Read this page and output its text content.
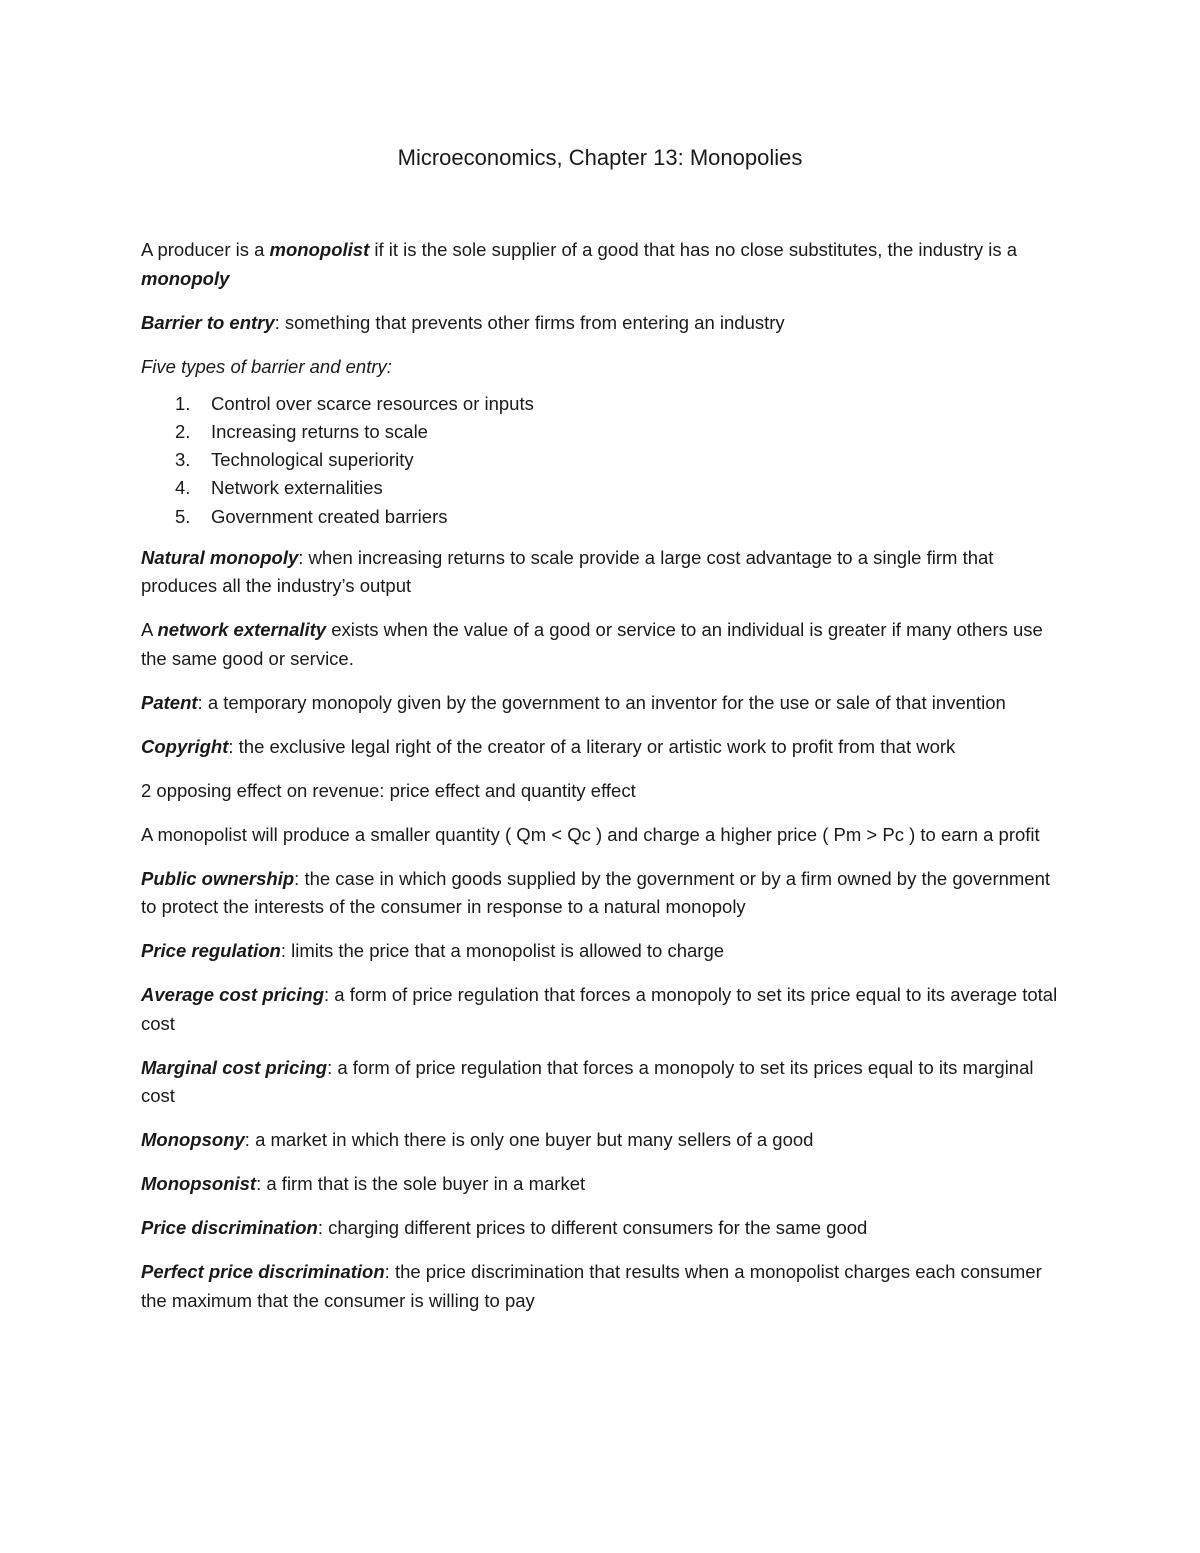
Microeconomics, Chapter 13: Monopolies

A producer is a monopolist if it is the sole supplier of a good that has no close substitutes, the industry is a monopoly

Barrier to entry: something that prevents other firms from entering an industry

Five types of barrier and entry:

1.	Control over scarce resources or inputs
2.	Increasing returns to scale
3.	Technological superiority
4.	Network externalities
5.	Government created barriers

Natural monopoly: when increasing returns to scale provide a large cost advantage to a single firm that produces all the industry’s output

A network externality exists when the value of a good or service to an individual is greater if many others use the same good or service.

Patent: a temporary monopoly given by the government to an inventor for the use or sale of that invention

Copyright: the exclusive legal right of the creator of a literary or artistic work to profit from that work

2 opposing effect on revenue: price effect and quantity effect

A monopolist will produce a smaller quantity ( Qm < Qc ) and charge a higher price ( Pm > Pc ) to earn a profit

Public ownership: the case in which goods supplied by the government or by a firm owned by the government to protect the interests of the consumer in response to a natural monopoly

Price regulation: limits the price that a monopolist is allowed to charge

Average cost pricing: a form of price regulation that forces a monopoly to set its price equal to its average total cost

Marginal cost pricing: a form of price regulation that forces a monopoly to set its prices equal to its marginal cost

Monopsony: a market in which there is only one buyer but many sellers of a good

Monopsonist: a firm that is the sole buyer in a market

Price discrimination: charging different prices to different consumers for the same good

Perfect price discrimination: the price discrimination that results when a monopolist charges each consumer the maximum that the consumer is willing to pay
